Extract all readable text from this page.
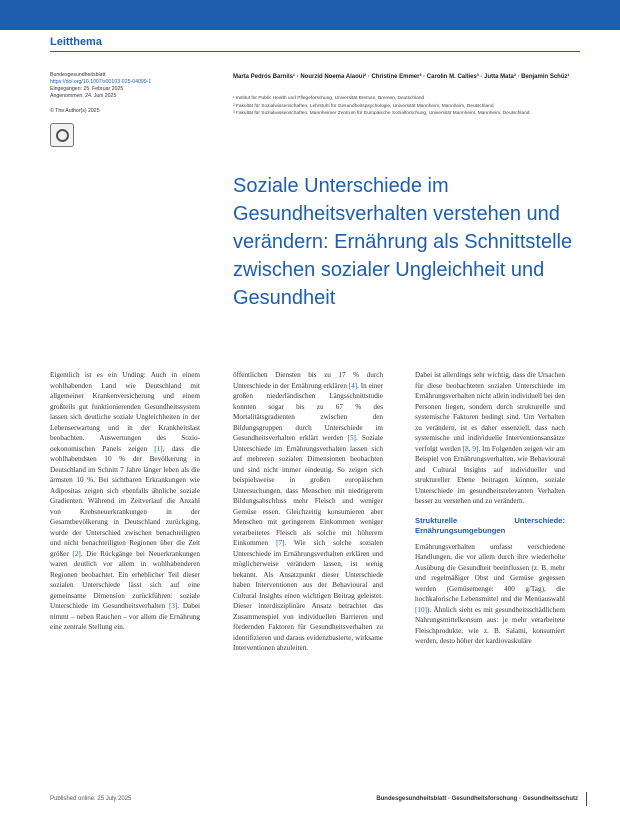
Leitthema
Bundesgesundheitsblatt
https://doi.org/10.1007/s00103-025-04099-1
Eingegangen: 25. Februar 2025
Angenommen: 24. Juni 2025
© The Author(s) 2025
Marta Pedrós Barnils¹ · Nourzid Noema Alaoui² · Christine Emmer³ · Carolin M. Callies³ · Jutta Mata³ · Benjamin Schüz¹
¹ Institut für Public Health und Pflegeforschung, Universität Bremen, Bremen, Deutschland
² Fakultät für Sozialwissenschaften, Lehrstuhl für Gesundheitspsychologie, Universität Mannheim, Mannheim, Deutschland
³ Fakultät für Sozialwissenschaften, Mannheimer Zentrum für Europäische Sozialforschung, Universität Mannheim, Mannheim, Deutschland
Soziale Unterschiede im Gesundheitsverhalten verstehen und verändern: Ernährung als Schnittstelle zwischen sozialer Ungleichheit und Gesundheit
Eigentlich ist es ein Unding: Auch in einem wohlhabenden Land wie Deutschland mit allgemeiner Krankenversicherung und einem großteils gut funktionierenden Gesundheitssystem lassen sich deutliche soziale Ungleichheiten in der Lebenserwartung und in der Krankheitslast beobachten. Auswertungen des Sozio-oekonomischen Panels zeigen [1], dass die wohlhabendsten 10 % der Bevölkerung in Deutschland im Schnitt 7 Jahre länger leben als die ärmsten 10 %. Bei sichtbaren Erkrankungen wie Adipositas zeigen sich ebenfalls ähnliche soziale Gradienten. Während im Zeitverlauf die Anzahl von Krebsneuerkrankungen in der Gesamtbevölkerung in Deutschland zurückging, wurde der Unterschied zwischen benachteiligten und nicht benachteiligten Regionen über die Zeit größer [2]. Die Rückgänge bei Neuerkrankungen waren deutlich vor allem in wohlhabenderen Regionen beobachtet. Ein erheblicher Teil dieser sozialen Unterschiede lässt sich auf eine gemeinsame Dimension zurückführen: soziale Unterschiede im Gesundheitsverhalten [3]. Dabei nimmt – neben Rauchen – vor allem die Ernährung eine zentrale Stellung ein.
öffentlichen Diensten bis zu 17 % durch Unterschiede in der Ernährung erklären [4]. In einer großen niederländischen Längsschnittstudie konnten sogar bis zu 67 % des Mortalitätsgradienten zwischen den Bildungsgruppen durch Unterschiede im Gesundheitsverhalten erklärt werden [5]. Soziale Unterschiede im Ernährungsverhalten lassen sich auf mehreren sozialen Dimensionen beobachten und sind nicht immer eindeutig. So zeigen sich beispielsweise in großen europäischen Untersuchungen, dass Menschen mit niedrigerem Bildungsabschluss mehr Fleisch und weniger Gemüse essen. Gleichzeitig konsumieren aber Menschen mit geringerem Einkommen weniger verarbeitetes Fleisch als solche mit höherem Einkommen [7]. Wie sich solche sozialen Unterschiede im Ernährungsverhalten erklären und möglicherweise verändern lassen, ist wenig bekannt. Als Ansatzpunkt dieser Unterschiede haben Interventionen aus der Behavioural and Cultural Insights einen wichtigen Beitrag geleistet. Dieser interdisziplinäre Ansatz betrachtet das Zusammenspiel von individuellen Barrieren und fördernden Faktoren für Gesundheitsverhalten zu identifizieren und daraus evidenzbasierte, wirksame Interventionen abzuleiten.
Dabei ist allerdings sehr wichtig, dass die Ursachen für diese beobachteten sozialen Unterschiede im Ernährungsverhalten nicht allein individuell bei den Personen liegen, sondern durch strukturelle und systemische Faktoren bedingt sind. Um Verhalten zu verändern, ist es daher essenziell, dass nach systemische und individuelle Interventionsansätze verfolgt werden [8, 9]. Im Folgenden zeigen wir am Beispiel von Ernährungsverhalten, wie Behavioural and Cultural Insights auf individueller und struktureller Ebene beitragen können, soziale Unterschiede im gesundheitsrelevanten Verhalten besser zu verstehen und zu verändern.
Strukturelle Unterschiede: Ernährungsumgebungen
Ernährungsverhalten umfasst verschiedene Handlungen, die vor allem durch ihre wiederholte Ausübung die Gesundheit beeinflussen (z. B. mehr und regelmäßiger Obst und Gemüse gegessen werden (Gemüsemenge: 400 g/Tag), die hochkalorische Lebensmittel und die Menüauswahl [10]). Ähnlich sieht es mit gesundheitsschädlichem Nahrungsmittelkonsum aus: je mehr verarbeitete Fleischprodukte, wie z. B. Salami, konsumiert werden, desto höher der kardiovaskuläre
Published online: 25 July 2025	Bundesgesundheitsblatt · Gesundheitsforschung · Gesundheitsschutz
